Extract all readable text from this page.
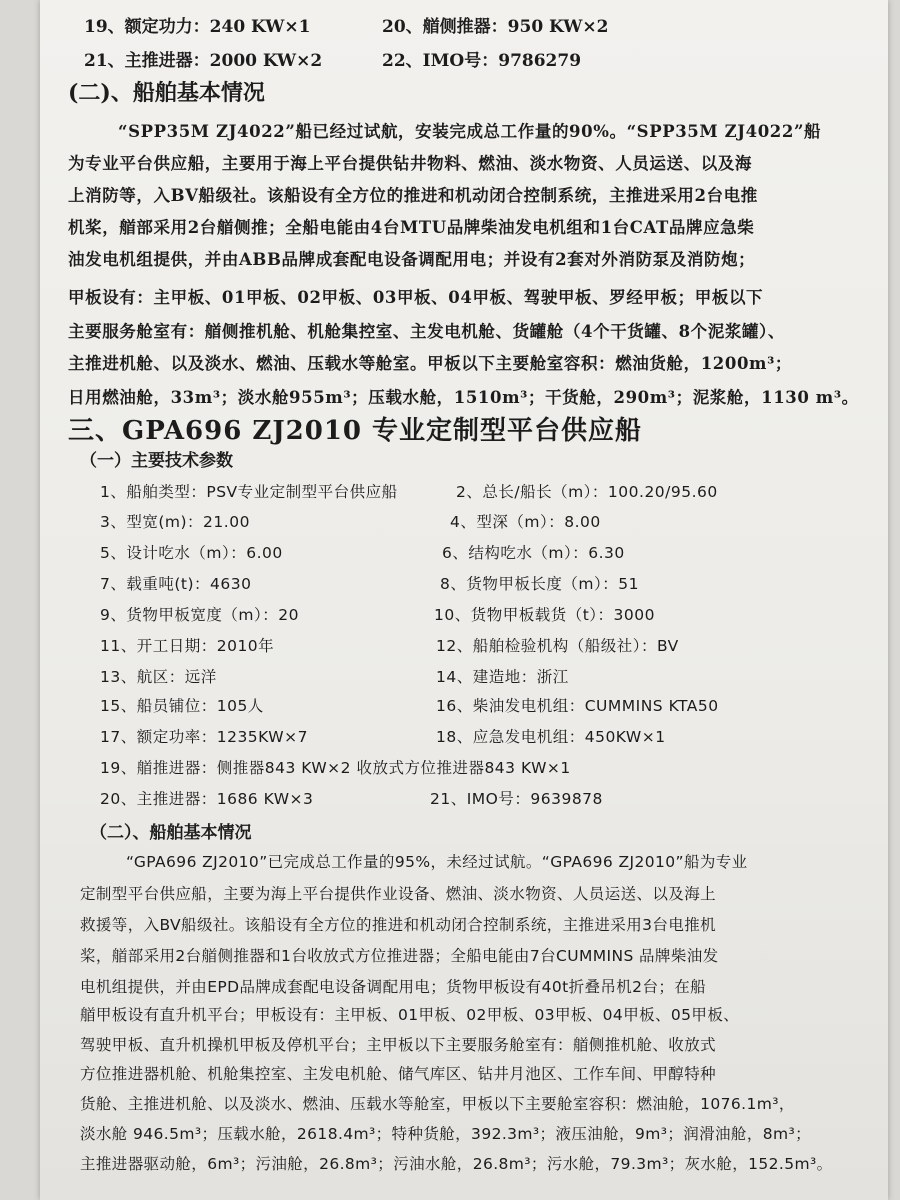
19、额定功力：240 KW×1	20、艏侧推器：950 KW×2
21、主推进器：2000 KW×2	22、IMO号：9786279
(二)、船舶基本情况
“SPP35M ZJ4022”船已经过试航，安装完成总工作量的90%。“SPP35M ZJ4022”船
为专业平台供应船，主要用于海上平台提供钻井物料、燃油、淡水物资、人员运送、以及海
上消防等，入BV船级社。该船设有全方位的推进和机动闭合控制系统，主推进采用2台电推
机桨，艏部采用2台艏侧推；全船电能由4台MTU品牌柴油发电机组和1台CAT品牌应急柴
油发电机组提供，并由ABB品牌成套配电设备调配用电；并设有2套对外消防泵及消防炮；
甲板设有：主甲板、01甲板、02甲板、03甲板、04甲板、驾驶甲板、罗经甲板；甲板以下
主要服务舱室有：艏侧推机舱、机舱集控室、主发电机舱、货罐舱（4个干货罐、8个泥浆罐）、
主推进机舱、以及淡水、燃油、压载水等舱室。甲板以下主要舱室容积：燃油货舱，1200m³；
日用燃油舱，33m³；淡水舱955m³；压载水舱，1510m³；干货舱，290m³；泥浆舱，1130 m³。
三、GPA696 ZJ2010 专业定制型平台供应船
（一）主要技术参数
1、船舶类型：PSV专业定制型平台供应船	2、总长/船长（m）：100.20/95.60
3、型宽(m)：21.00	4、型深（m）：8.00
5、设计吃水（m）：6.00	6、结构吃水（m）：6.30
7、载重吨(t)：4630	8、货物甲板长度（m）：51
9、货物甲板宽度（m）：20	10、货物甲板载货（t）：3000
11、开工日期：2010年	12、船舶检验机构（船级社）：BV
13、航区：远洋	14、建造地：浙江
15、船员铺位：105人	16、柴油发电机组：CUMMINS KTA50
17、额定功率：1235KW×7	18、应急发电机组：450KW×1
19、艏推进器：侧推器843 KW×2 收放式方位推进器843 KW×1
20、主推进器：1686 KW×3	21、IMO号：9639878
（二）、船舶基本情况
“GPA696 ZJ2010”已完成总工作量的95%，未经过试航。“GPA696 ZJ2010”船为专业
定制型平台供应船，主要为海上平台提供作业设备、燃油、淡水物资、人员运送、以及海上
救援等，入BV船级社。该船设有全方位的推进和机动闭合控制系统，主推进采用3台电推机
桨，艏部采用2台艏侧推器和1台收放式方位推进器；全船电能由7台CUMMINS 品牌柴油发
电机组提供，并由EPD品牌成套配电设备调配用电；货物甲板设有40t折叠吊机2台；在船
艏甲板设有直升机平台；甲板设有：主甲板、01甲板、02甲板、03甲板、04甲板、05甲板、
驾驶甲板、直升机操机甲板及停机平台；主甲板以下主要服务舱室有：艏侧推机舱、收放式
方位推进器机舱、机舱集控室、主发电机舱、储气库区、钻井月池区、工作车间、甲醇特种
货舱、主推进机舱、以及淡水、燃油、压载水等舱室，甲板以下主要舱室容积：燃油舱，1076.1m³，
淡水舱 946.5m³；压载水舱，2618.4m³；特种货舱，392.3m³；液压油舱，9m³；润滑油舱，8m³；
主推进器驱动舱，6m³；污油舱，26.8m³；污油水舱，26.8m³；污水舱，79.3m³；灰水舱，152.5m³。
